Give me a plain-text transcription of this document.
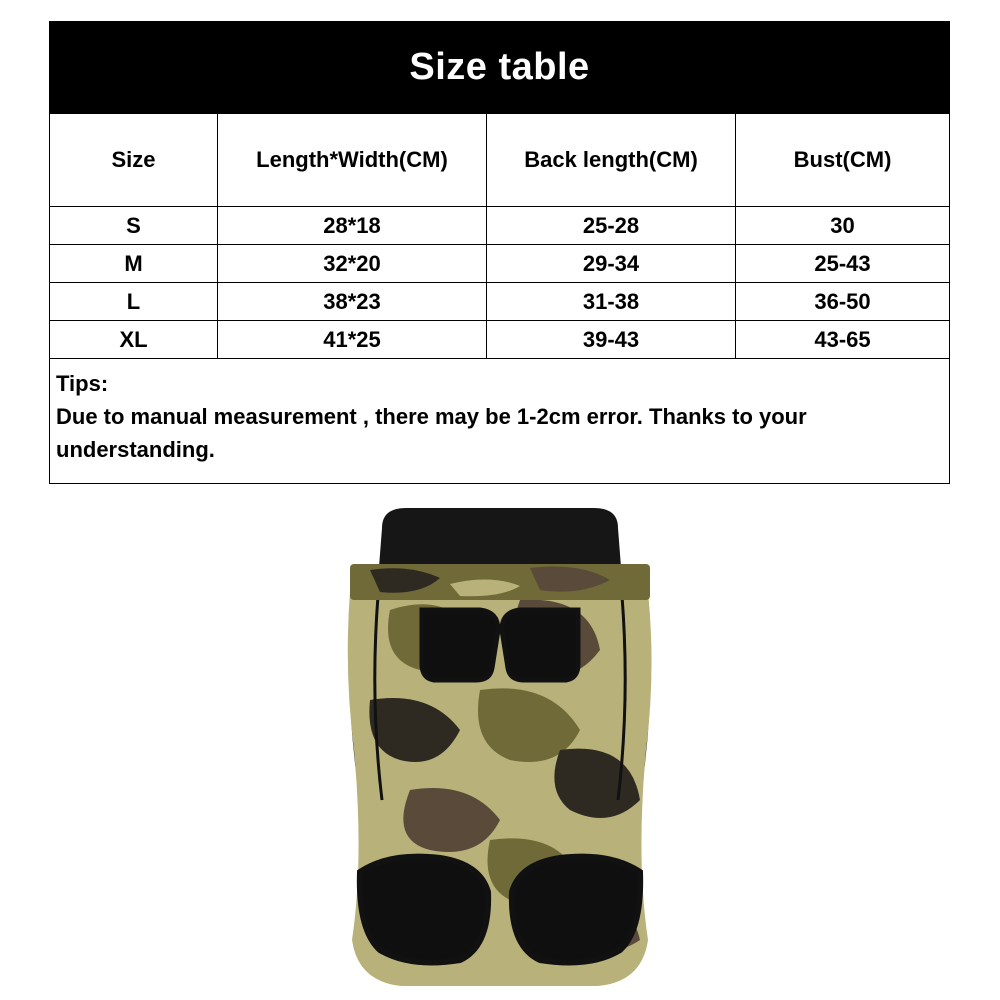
Size table			
Size	Length*Width(CM)	Back length(CM)	Bust(CM)
S	28*18	25-28	30
M	32*20	29-34	25-43
L	38*23	31-38	36-50
XL	41*25	39-43	43-65

Tips:
Due to manual measurement , there may be 1-2cm error. Thanks to your understanding.			
